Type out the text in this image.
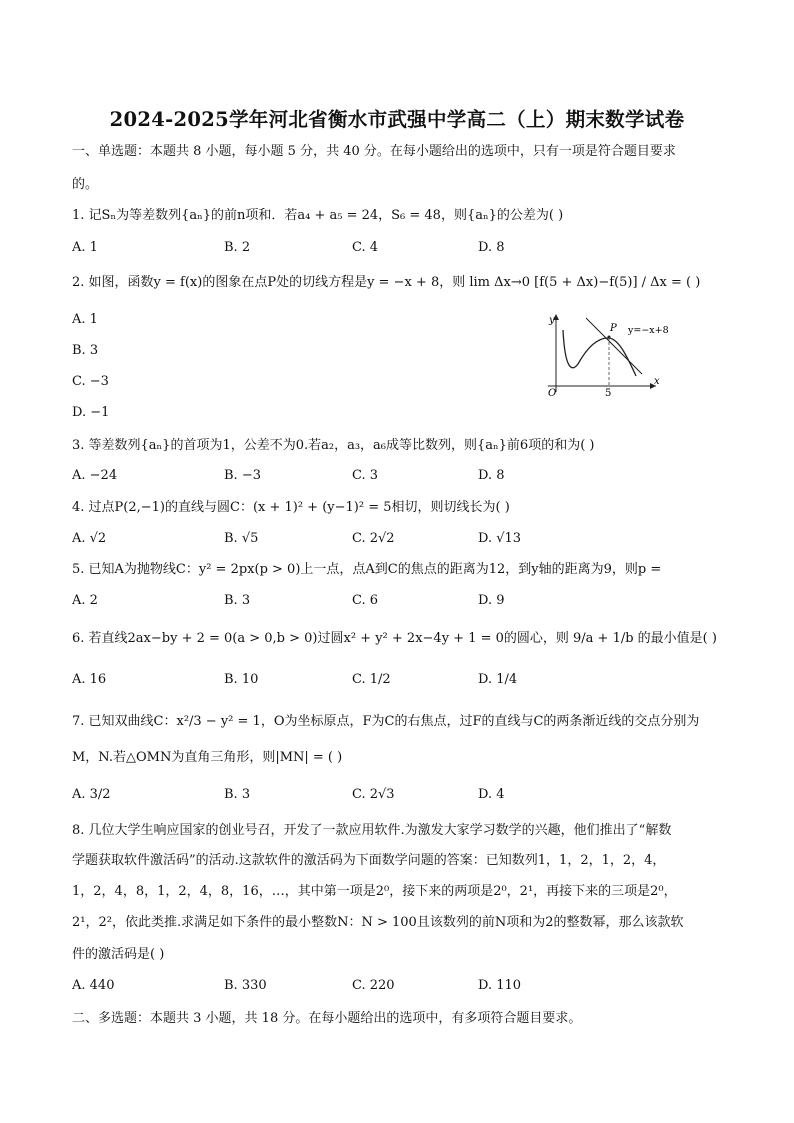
2024-2025学年河北省衡水市武强中学高二（上）期末数学试卷
一、单选题：本题共 8 小题，每小题 5 分，共 40 分。在每小题给出的选项中，只有一项是符合题目要求
的。
1. 记Sₙ为等差数列{aₙ}的前n项和．若a₄ + a₅ = 24，S₆ = 48，则{aₙ}的公差为( )
A. 1	B. 2	C. 4	D. 8
2. 如图，函数y = f(x)的图象在点P处的切线方程是y = −x + 8，则 lim Δx→0 [f(5 + Δx)−f(5)] / Δx = ( )
A. 1
B. 3
C. −3
D. −1
y
x
O
P
5
y=−x+8
3. 等差数列{aₙ}的首项为1，公差不为0.若a₂，a₃，a₆成等比数列，则{aₙ}前6项的和为( )
A. −24	B. −3	C. 3	D. 8
4. 过点P(2,−1)的直线与圆C：(x + 1)² + (y−1)² = 5相切，则切线长为( )
A. √2	B. √5	C. 2√2	D. √13
5. 已知A为抛物线C：y² = 2px(p > 0)上一点，点A到C的焦点的距离为12，到y轴的距离为9，则p =
A. 2	B. 3	C. 6	D. 9
6. 若直线2ax−by + 2 = 0(a > 0,b > 0)过圆x² + y² + 2x−4y + 1 = 0的圆心，则 9/a + 1/b 的最小值是( )
A. 16	B. 10	C. 1/2	D. 1/4
7. 已知双曲线C：x²/3 − y² = 1，O为坐标原点，F为C的右焦点，过F的直线与C的两条渐近线的交点分别为
M，N.若△OMN为直角三角形，则|MN| = ( )
A. 3/2	B. 3	C. 2√3	D. 4
8. 几位大学生响应国家的创业号召，开发了一款应用软件.为激发大家学习数学的兴趣，他们推出了“解数
学题获取软件激活码”的活动.这款软件的激活码为下面数学问题的答案：已知数列1，1，2，1，2，4，
1，2，4，8，1，2，4，8，16，…，其中第一项是2⁰，接下来的两项是2⁰，2¹，再接下来的三项是2⁰，
2¹，2²，依此类推.求满足如下条件的最小整数N：N > 100且该数列的前N项和为2的整数幂，那么该款软
件的激活码是( )
A. 440	B. 330	C. 220	D. 110
二、多选题：本题共 3 小题，共 18 分。在每小题给出的选项中，有多项符合题目要求。
